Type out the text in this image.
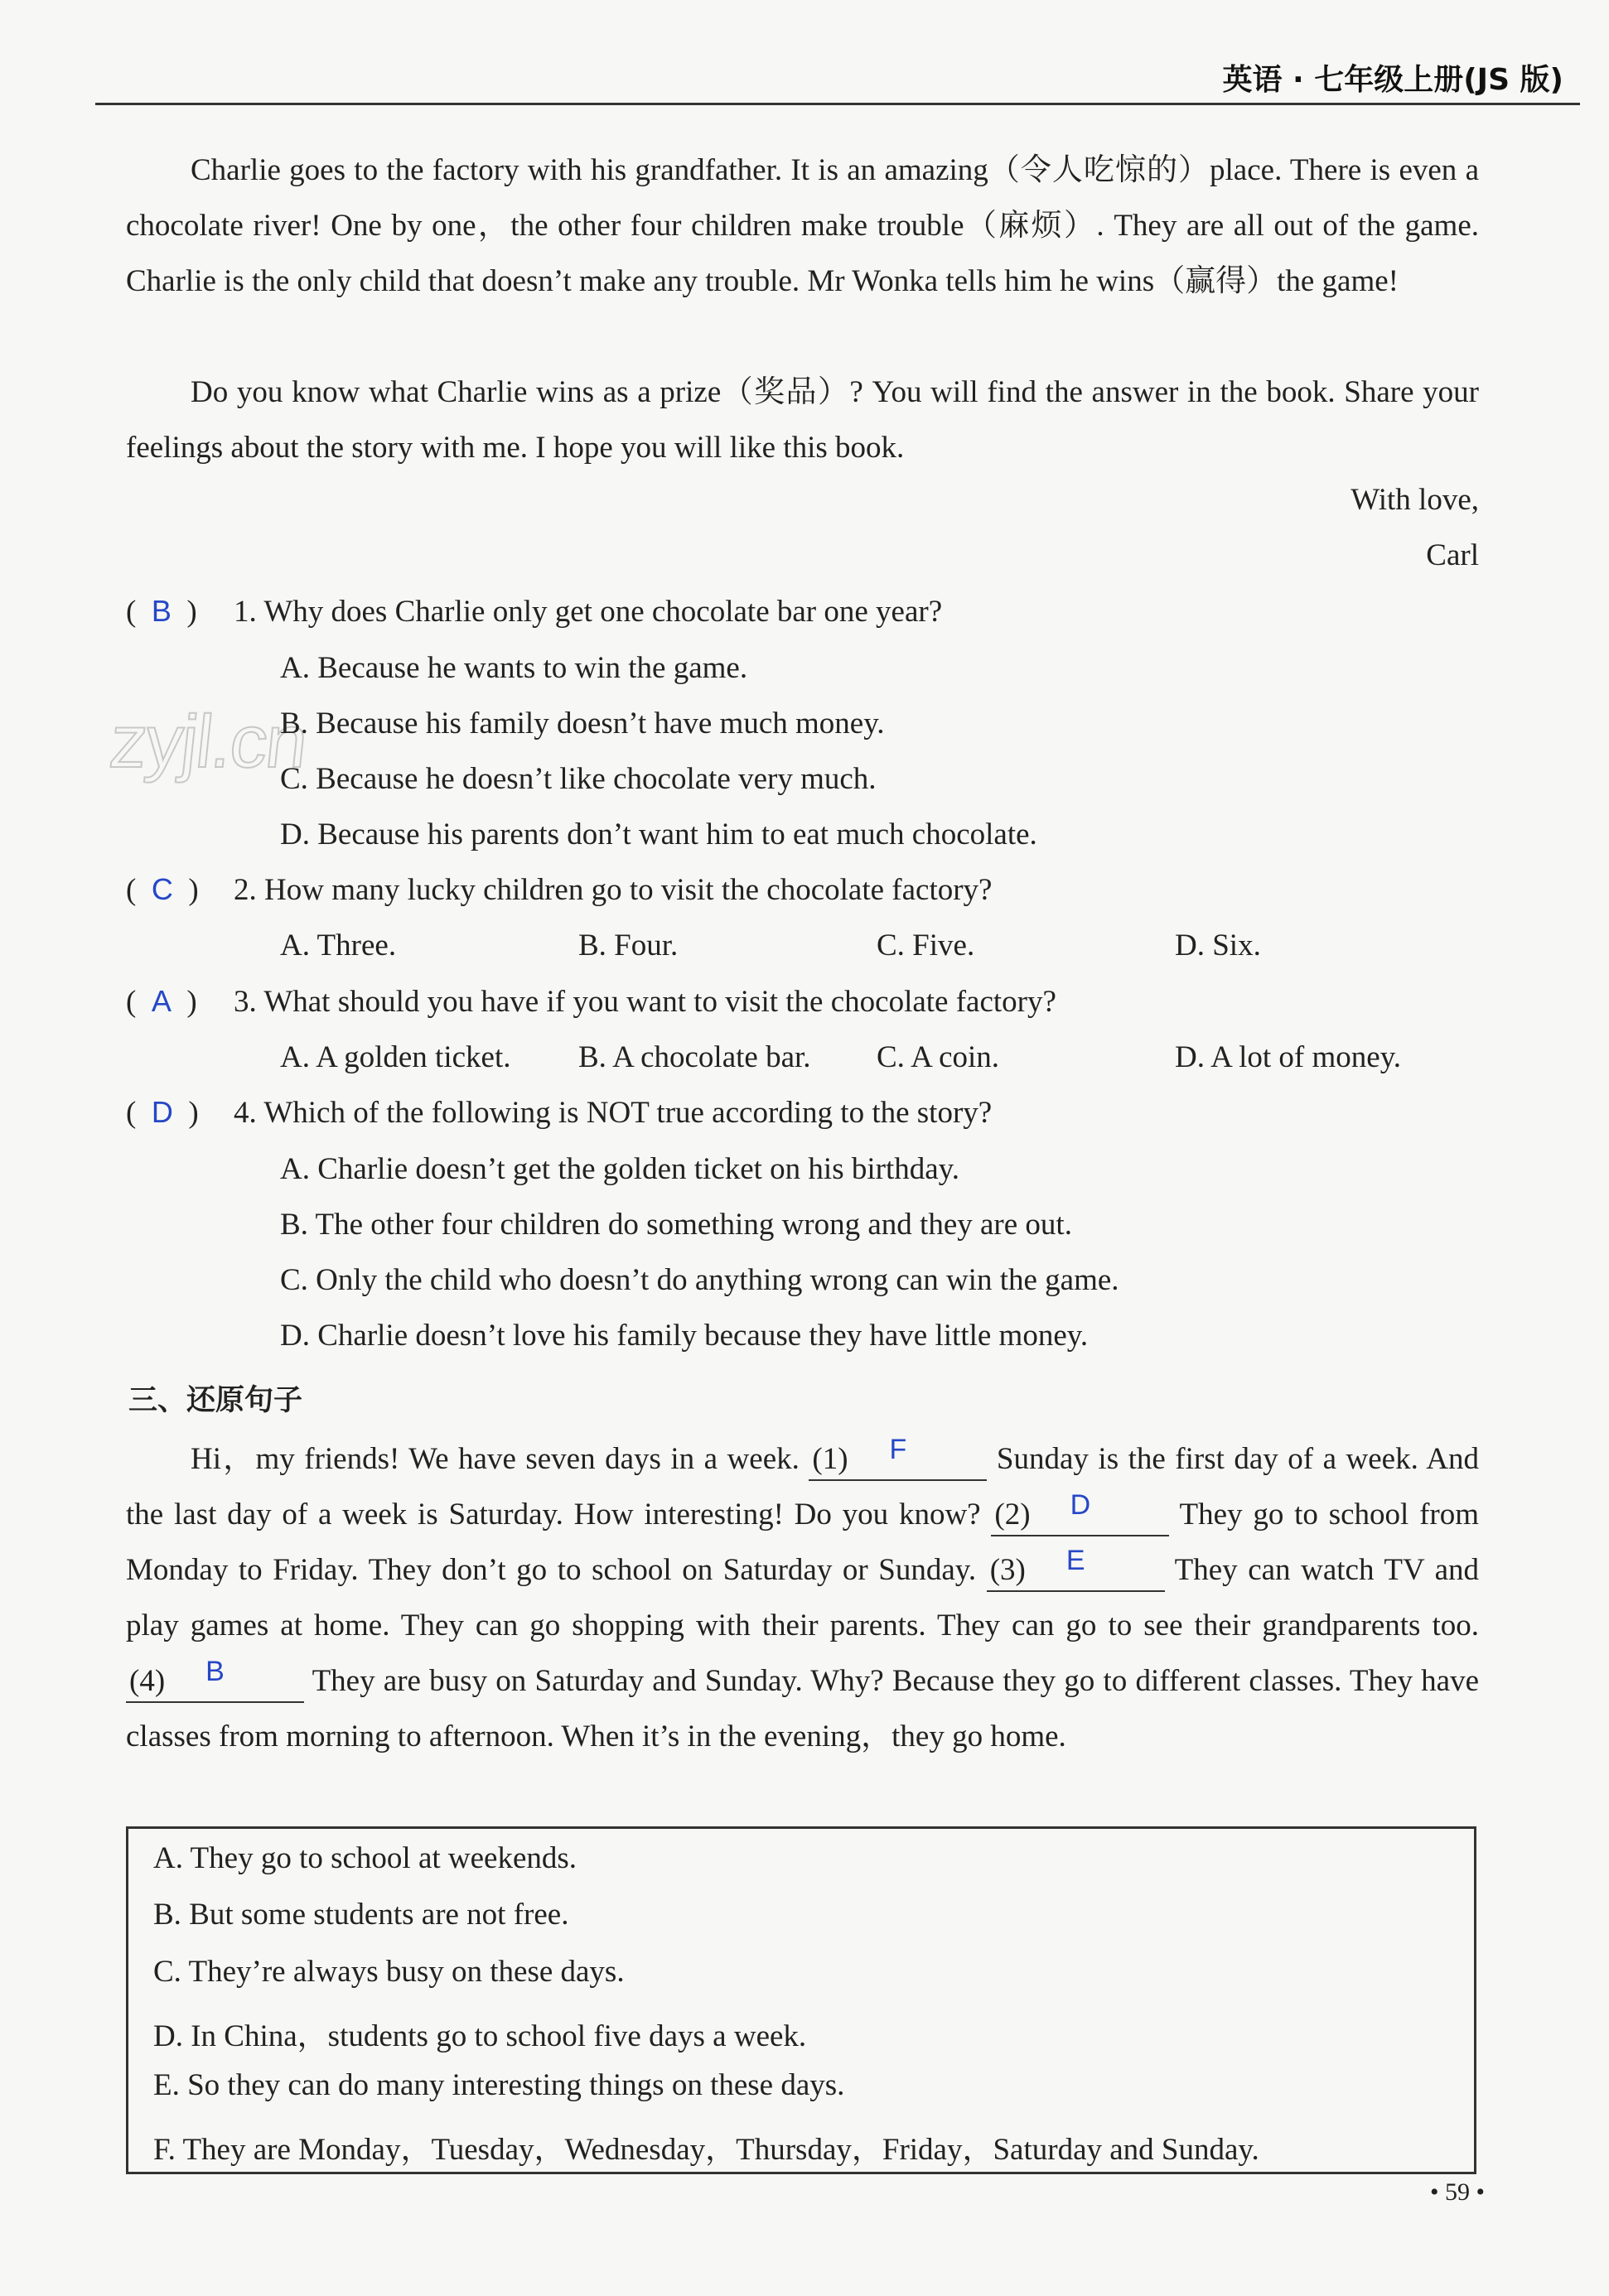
英语 · 七年级上册(JS 版)

Charlie goes to the factory with his grandfather. It is an amazing（令人吃惊的）place. There is even a chocolate river! One by one，the other four children make trouble（麻烦）. They are all out of the game. Charlie is the only child that doesn’t make any trouble. Mr Wonka tells him he wins（赢得）the game!

Do you know what Charlie wins as a prize（奖品）? You will find the answer in the book. Share your feelings about the story with me. I hope you will like this book.

With love,

Carl

zyjl.cn
( B ) 1. Why does Charlie only get one chocolate bar one year?
A. Because he wants to win the game.
B. Because his family doesn’t have much money.
C. Because he doesn’t like chocolate very much.
D. Because his parents don’t want him to eat much chocolate.
( C ) 2. How many lucky children go to visit the chocolate factory?
A. Three.	B. Four.	C. Five.	D. Six.
( A ) 3. What should you have if you want to visit the chocolate factory?
A. A golden ticket. B. A chocolate bar. C. A coin.	D. A lot of money.
( D ) 4. Which of the following is NOT true according to the story?
A. Charlie doesn’t get the golden ticket on his birthday.
B. The other four children do something wrong and they are out.
C. Only the child who doesn’t do anything wrong can win the game.
D. Charlie doesn’t love his family because they have little money.
三、还原句子

Hi，my friends! We have seven days in a week. (1) F	Sunday is the first day of a week. And the last day of a week is Saturday. How interesting! Do you know? (2) D	They go to school from Monday to Friday. They don’t go to school on Saturday or Sunday. (3) E	They can watch TV and play games at home. They can go shopping with their parents. They can go to see their grandparents too.
(4) B	They are busy on Saturday and Sunday. Why? Because they go to different classes. They have classes from morning to afternoon. When it’s in the evening，they go home.

A. They go to school at weekends.
B. But some students are not free.
C. They’re always busy on these days.
D. In China，students go to school five days a week.
E. So they can do many interesting things on these days.
F. They are Monday，Tuesday，Wednesday，Thursday，Friday，Saturday and Sunday.
• 59 •
